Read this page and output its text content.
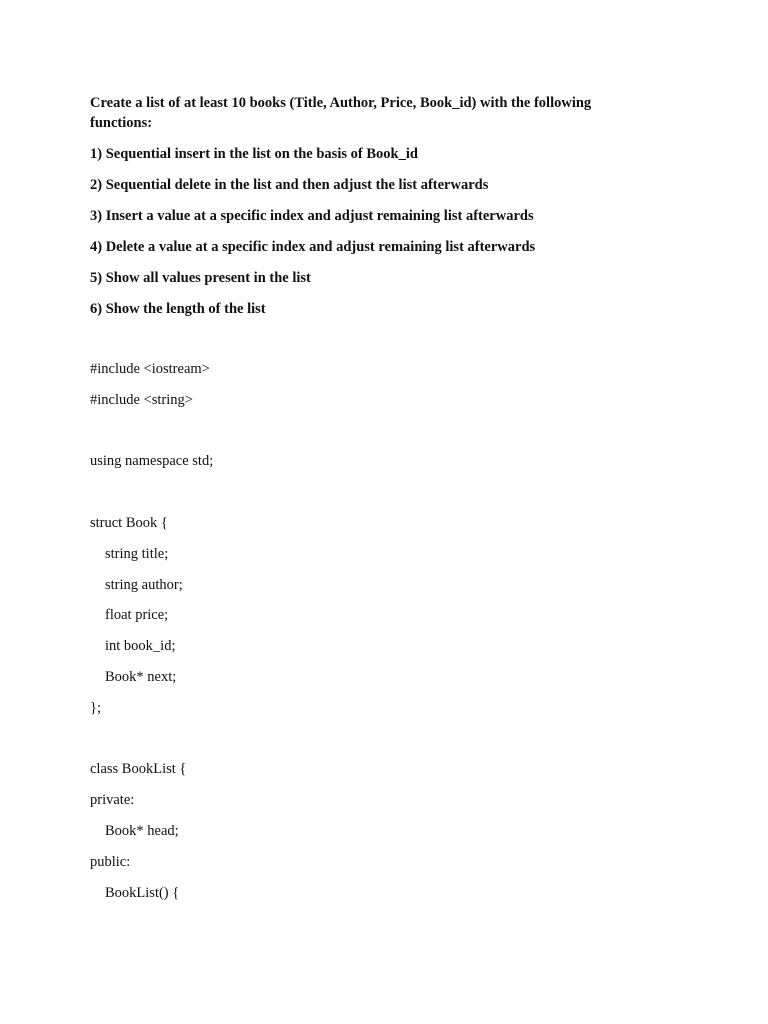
Create a list of at least 10 books (Title, Author, Price, Book_id) with the following functions:
1) Sequential insert in the list on the basis of Book_id
2) Sequential delete in the list and then adjust the list afterwards
3) Insert a value at a specific index and adjust remaining list afterwards
4) Delete a value at a specific index and adjust remaining list afterwards
5) Show all values present in the list
6) Show the length of the list
#include <iostream>
#include <string>
using namespace std;
struct Book {
string title;
string author;
float price;
int book_id;
Book* next;
};
class BookList {
private:
Book* head;
public:
BookList() {
